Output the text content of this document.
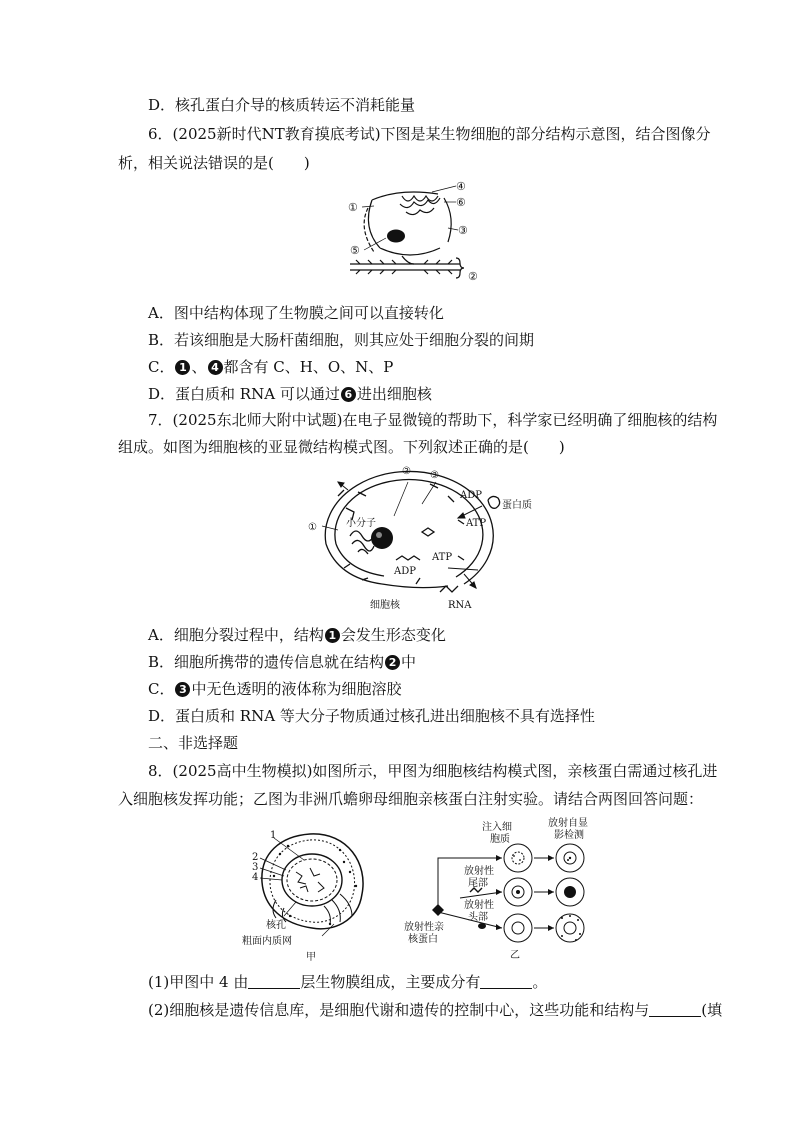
D．核孔蛋白介导的核质转运不消耗能量
6．(2025新时代NT教育摸底考试)下图是某生物细胞的部分结构示意图，结合图像分
析，相关说法错误的是(　　)
①
②
③
④
⑤
⑥
A．图中结构体现了生物膜之间可以直接转化
B．若该细胞是大肠杆菌细胞，则其应处于细胞分裂的间期
C． 1 、 4 都含有 C、H、O、N、P
D．蛋白质和 RNA 可以通过 6 进出细胞核
7．(2025东北师大附中试题)在电子显微镜的帮助下，科学家已经明确了细胞核的结构
组成。如图为细胞核的亚显微结构模式图。下列叙述正确的是(　　)
①
② ③
小分子
ADP
蛋白质
ATP
ATP
ADP
RNA
细胞核
A．细胞分裂过程中，结构 1 会发生形态变化
B．细胞所携带的遗传信息就在结构 2 中
C． 3 中无色透明的液体称为细胞溶胶
D．蛋白质和 RNA 等大分子物质通过核孔进出细胞核不具有选择性
二、非选择题
8．(2025高中生物模拟)如图所示，甲图为细胞核结构模式图，亲核蛋白需通过核孔进
入细胞核发挥功能；乙图为非洲爪蟾卵母细胞亲核蛋白注射实验。请结合两图回答问题：
1
2
3
4
核孔
粗面内质网
甲
注入细
胞质
放射自显
影检测
放射性
尾部
放射性
头部
放射性亲
核蛋白
乙
(1)甲图中 4 由	层生物膜组成，主要成分有	。
(2)细胞核是遗传信息库，是细胞代谢和遗传的控制中心，这些功能和结构与	(填
